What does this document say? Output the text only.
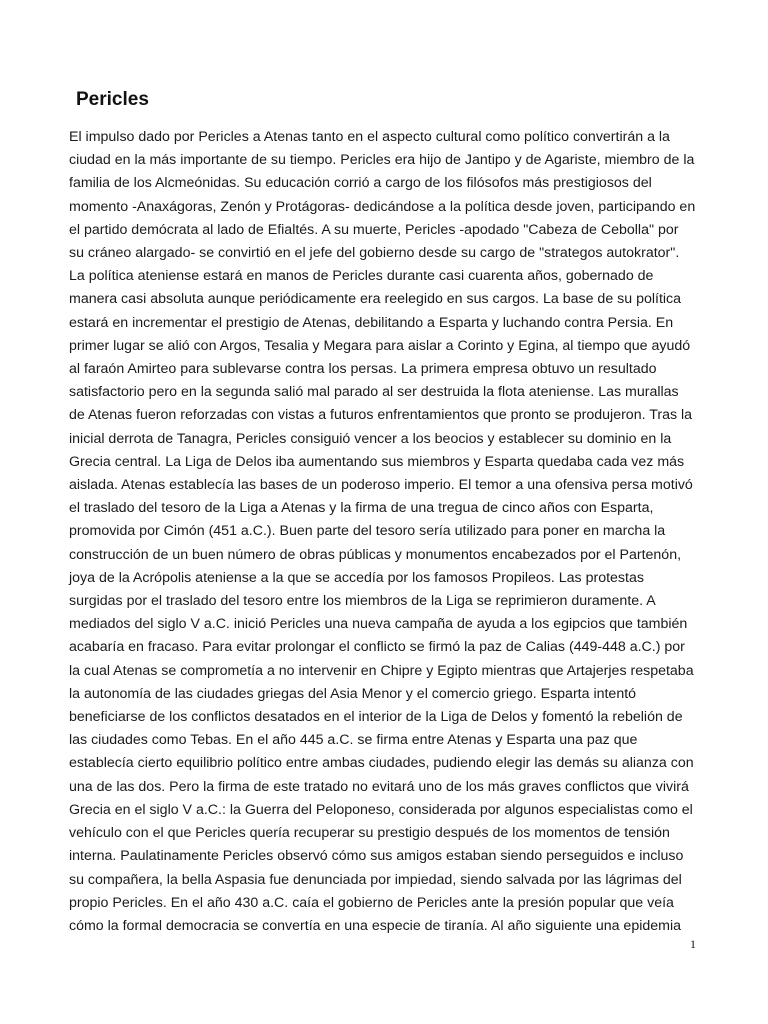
Pericles
El impulso dado por Pericles a Atenas tanto en el aspecto cultural como político convertirán a la
ciudad en la más importante de su tiempo. Pericles era hijo de Jantipo y de Agariste, miembro de la
familia de los Alcmeónidas. Su educación corrió a cargo de los filósofos más prestigiosos del
momento -Anaxágoras, Zenón y Protágoras- dedicándose a la política desde joven, participando en
el partido demócrata al lado de Efialtés. A su muerte, Pericles -apodado "Cabeza de Cebolla" por
su cráneo alargado- se convirtió en el jefe del gobierno desde su cargo de "strategos autokrator".
La política ateniense estará en manos de Pericles durante casi cuarenta años, gobernado de
manera casi absoluta aunque periódicamente era reelegido en sus cargos. La base de su política
estará en incrementar el prestigio de Atenas, debilitando a Esparta y luchando contra Persia. En
primer lugar se alió con Argos, Tesalia y Megara para aislar a Corinto y Egina, al tiempo que ayudó
al faraón Amirteo para sublevarse contra los persas. La primera empresa obtuvo un resultado
satisfactorio pero en la segunda salió mal parado al ser destruida la flota ateniense. Las murallas
de Atenas fueron reforzadas con vistas a futuros enfrentamientos que pronto se produjeron. Tras la
inicial derrota de Tanagra, Pericles consiguió vencer a los beocios y establecer su dominio en la
Grecia central. La Liga de Delos iba aumentando sus miembros y Esparta quedaba cada vez más
aislada. Atenas establecía las bases de un poderoso imperio. El temor a una ofensiva persa motivó
el traslado del tesoro de la Liga a Atenas y la firma de una tregua de cinco años con Esparta,
promovida por Cimón (451 a.C.). Buen parte del tesoro sería utilizado para poner en marcha la
construcción de un buen número de obras públicas y monumentos encabezados por el Partenón,
joya de la Acrópolis ateniense a la que se accedía por los famosos Propileos. Las protestas
surgidas por el traslado del tesoro entre los miembros de la Liga se reprimieron duramente. A
mediados del siglo V a.C. inició Pericles una nueva campaña de ayuda a los egipcios que también
acabaría en fracaso. Para evitar prolongar el conflicto se firmó la paz de Calias (449-448 a.C.) por
la cual Atenas se comprometía a no intervenir en Chipre y Egipto mientras que Artajerjes respetaba
la autonomía de las ciudades griegas del Asia Menor y el comercio griego. Esparta intentó
beneficiarse de los conflictos desatados en el interior de la Liga de Delos y fomentó la rebelión de
las ciudades como Tebas. En el año 445 a.C. se firma entre Atenas y Esparta una paz que
establecía cierto equilibrio político entre ambas ciudades, pudiendo elegir las demás su alianza con
una de las dos. Pero la firma de este tratado no evitará uno de los más graves conflictos que vivirá
Grecia en el siglo V a.C.: la Guerra del Peloponeso, considerada por algunos especialistas como el
vehículo con el que Pericles quería recuperar su prestigio después de los momentos de tensión
interna. Paulatinamente Pericles observó cómo sus amigos estaban siendo perseguidos e incluso
su compañera, la bella Aspasia fue denunciada por impiedad, siendo salvada por las lágrimas del
propio Pericles. En el año 430 a.C. caía el gobierno de Pericles ante la presión popular que veía
cómo la formal democracia se convertía en una especie de tiranía. Al año siguiente una epidemia
1
